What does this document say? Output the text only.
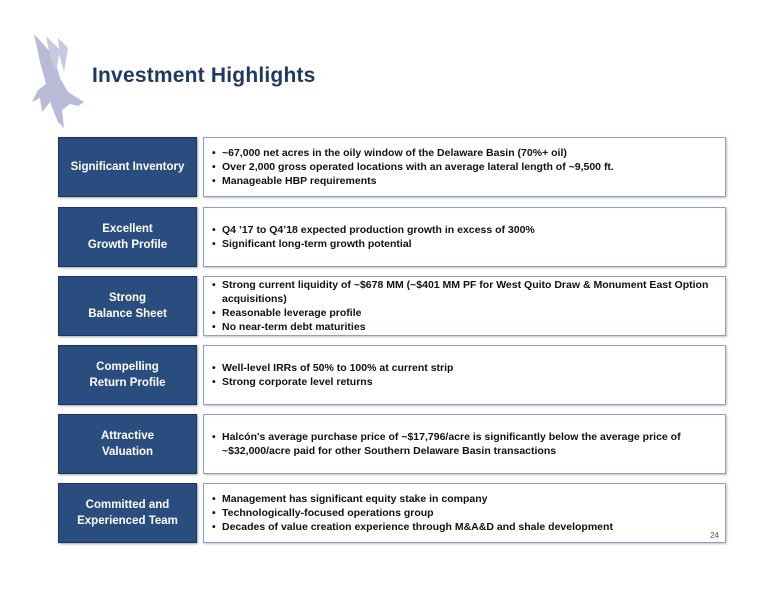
Investment Highlights
Significant Inventory
• ~67,000 net acres in the oily window of the Delaware Basin (70%+ oil)
• Over 2,000 gross operated locations with an average lateral length of ~9,500 ft.
• Manageable HBP requirements
Excellent
Growth Profile
• Q4 ’17 to Q4’18 expected production growth in excess of 300%
• Significant long-term growth potential
Strong
Balance Sheet
• Strong current liquidity of ~$678 MM (~$401 MM PF for West Quito Draw & Monument East Option acquisitions)
• Reasonable leverage profile
• No near-term debt maturities
Compelling
Return Profile
• Well-level IRRs of 50% to 100% at current strip
• Strong corporate level returns
Attractive
Valuation
• Halcón's average purchase price of ~$17,796/acre is significantly below the average price of ~$32,000/acre paid for other Southern Delaware Basin transactions
Committed and
Experienced Team
• Management has significant equity stake in company
• Technologically-focused operations group
• Decades of value creation experience through M&A&D and shale development
24
